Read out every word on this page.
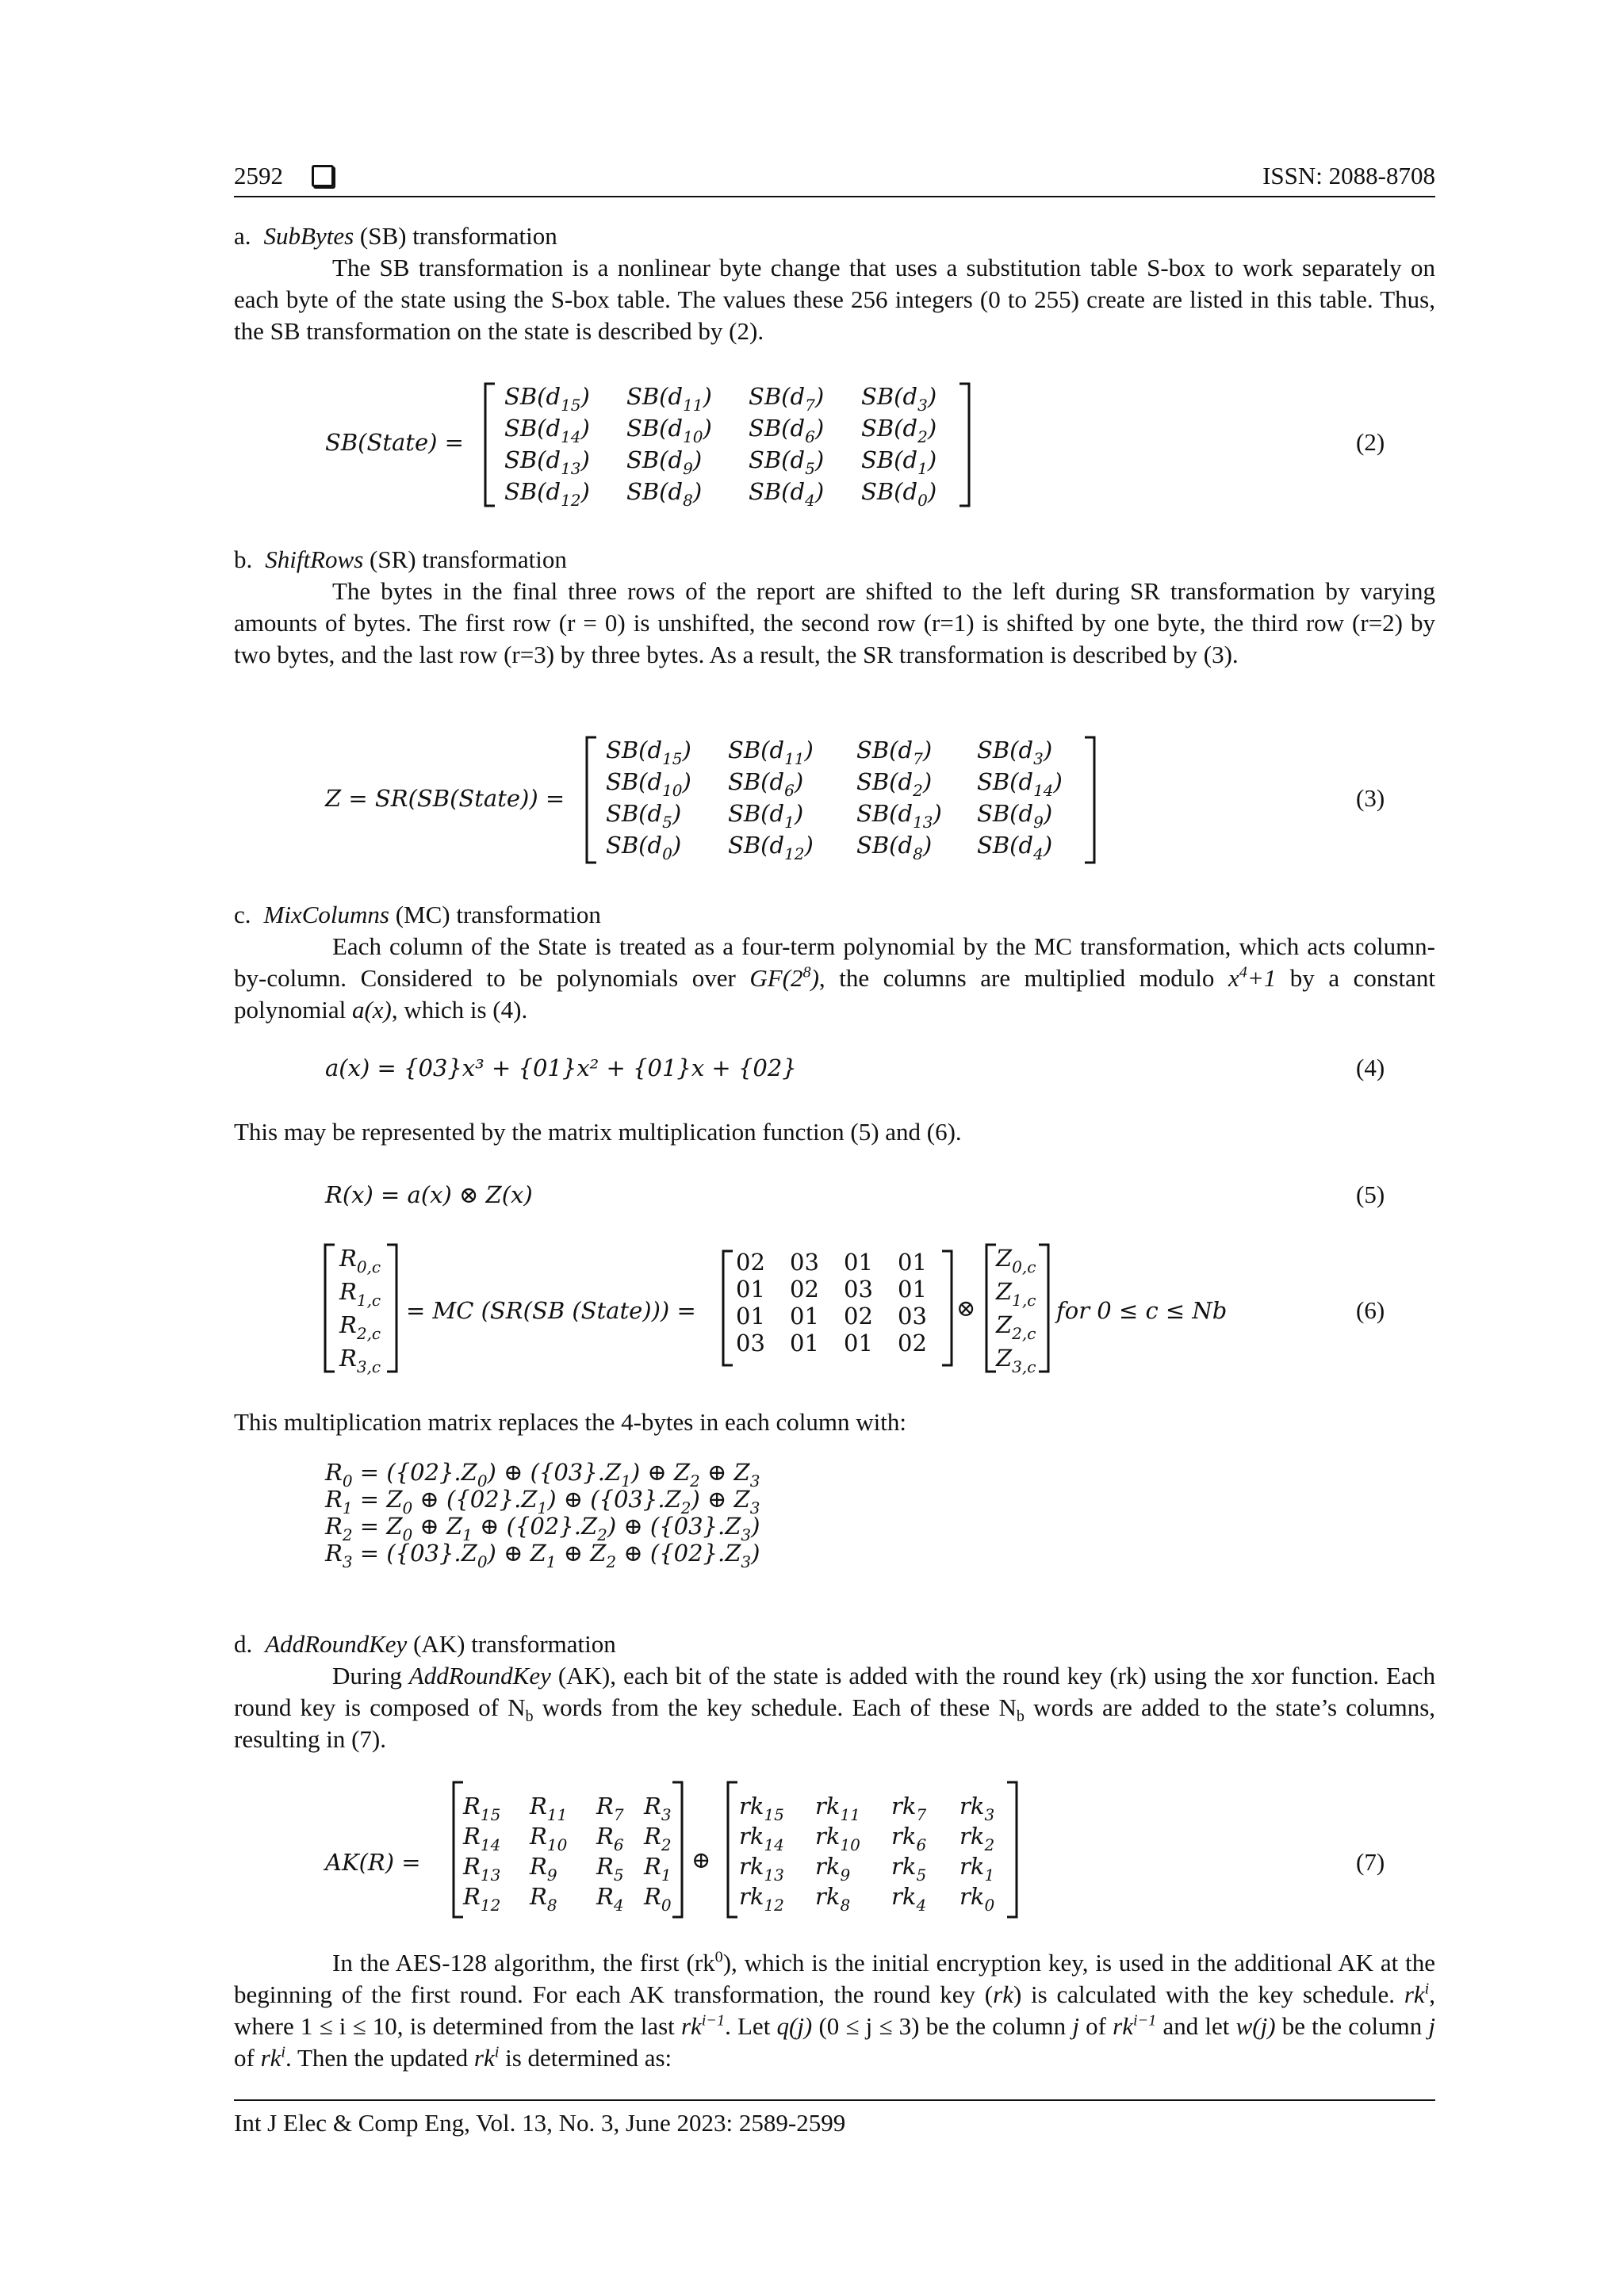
2592	ISSN: 2088-8708
a. SubBytes (SB) transformation
The SB transformation is a nonlinear byte change that uses a substitution table S-box to work separately on each byte of the state using the S-box table. The values these 256 integers (0 to 255) create are listed in this table. Thus, the SB transformation on the state is described by (2).
b. ShiftRows (SR) transformation
The bytes in the final three rows of the report are shifted to the left during SR transformation by varying amounts of bytes. The first row (r = 0) is unshifted, the second row (r=1) is shifted by one byte, the third row (r=2) by two bytes, and the last row (r=3) by three bytes. As a result, the SR transformation is described by (3).
c. MixColumns (MC) transformation
Each column of the State is treated as a four-term polynomial by the MC transformation, which acts column-by-column. Considered to be polynomials over $GF(2^8)$, the columns are multiplied modulo $x^4+1$ by a constant polynomial a(x), which is (4).
This may be represented by the matrix multiplication function (5) and (6).
This multiplication matrix replaces the 4-bytes in each column with:
d. AddRoundKey (AK) transformation
During AddRoundKey (AK), each bit of the state is added with the round key (rk) using the xor function. Each round key is composed of $N_b$ words from the key schedule. Each of these $N_b$ words are added to the state’s columns, resulting in (7).
In the AES-128 algorithm, the first $(rk^0)$, which is the initial encryption key, is used in the additional AK at the beginning of the first round. For each AK transformation, the round key (rk) is calculated with the key schedule. $rk^i$, where 1 ≤ i ≤ 10, is determined from the last $rk^{i-1}$. Let q(j) (0 ≤ j ≤ 3) be the column j of $rk^{i-1}$ and let w(j) be the column j of $rk^i$. Then the updated $rk^i$ is determined as:
Int J Elec & Comp Eng, Vol. 13, No. 3, June 2023: 2589-2599
SB(State) =
$SB(d_{15})$ $SB(d_{11})$ $SB(d_7)$ $SB(d_3)$
$SB(d_{14})$ $SB(d_{10})$ $SB(d_6)$ $SB(d_2)$
$SB(d_{13})$ $SB(d_9)$ $SB(d_5)$ $SB(d_1)$
$SB(d_{12})$ $SB(d_8)$ $SB(d_4)$ $SB(d_0)$
(2)
Z = SR(SB(State)) =
$SB(d_{15})$ $SB(d_{11})$ $SB(d_7)$ $SB(d_3)$
$SB(d_{10})$ $SB(d_6)$ $SB(d_2)$ $SB(d_{14})$
$SB(d_5)$ $SB(d_1)$ $SB(d_{13})$ $SB(d_9)$
$SB(d_0)$ $SB(d_{12})$ $SB(d_8)$ $SB(d_4)$
(3)
a(x) = {03}x³ + {01}x² + {01}x + {02}	(4)
R(x) = a(x) ⊗ Z(x)	(5)
$R_{0,c}$
$R_{1,c}$
$R_{2,c}$
$R_{3,c}$
= MC (SR(SB (State))) =
02 03 01 01
01 02 03 01
01 01 02 03
03 01 01 02
⊗
$Z_{0,c}$
$Z_{1,c}$
$Z_{2,c}$
$Z_{3,c}$
for 0 ≤ c ≤ Nb	(6)
$R_0 = (\{02\}.Z_0)$ ⊕ $(\{03\}.Z_1)$ ⊕ $Z_2$ ⊕ $Z_3$
$R_1 = Z_0$ ⊕ $(\{02\}.Z_1)$ ⊕ $(\{03\}.Z_2)$ ⊕ $Z_3$
$R_2 = Z_0$ ⊕ $Z_1$ ⊕ $(\{02\}.Z_2)$ ⊕ $(\{03\}.Z_3)$
$R_3 = (\{03\}.Z_0)$ ⊕ $Z_1$ ⊕ $Z_2$ ⊕ $(\{02\}.Z_3)$
AK(R) =
$R_{15}$ $R_{11}$ $R_7$ $R_3$
$R_{14}$ $R_{10}$ $R_6$ $R_2$
$R_{13}$ $R_9$ $R_5$ $R_1$
$R_{12}$ $R_8$ $R_4$ $R_0$
⊕
$rk_{15}$ $rk_{11}$ $rk_7$ $rk_3$
$rk_{14}$ $rk_{10}$ $rk_6$ $rk_2$
$rk_{13}$ $rk_9$ $rk_5$ $rk_1$
$rk_{12}$ $rk_8$ $rk_4$ $rk_0$
(7)
